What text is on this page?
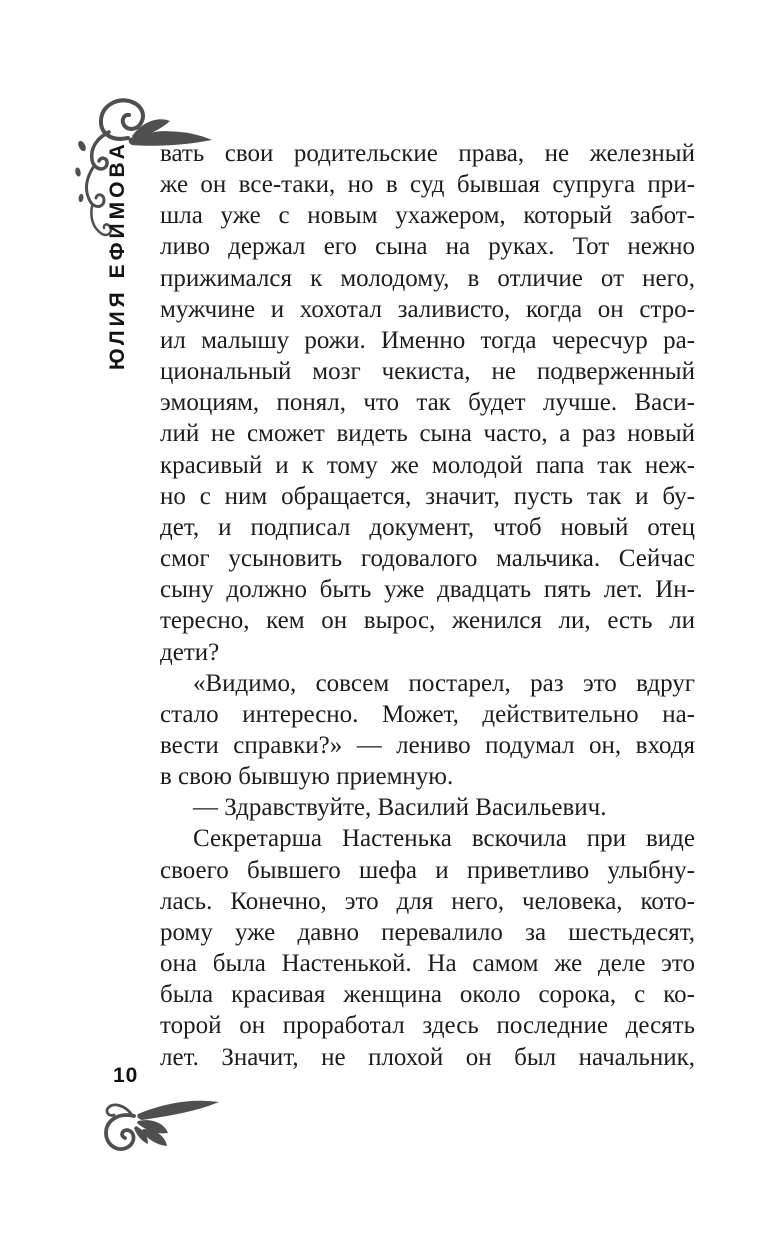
ЮЛИЯ ЕФИМОВА вать свои родительские права, не железный
же он все-таки, но в суд бывшая супруга при-
шла уже с новым ухажером, который забот-
ливо держал его сына на руках. Тот нежно
прижимался к молодому, в отличие от него,
мужчине и хохотал заливисто, когда он стро-
ил малышу рожи. Именно тогда чересчур ра-
циональный мозг чекиста, не подверженный
эмоциям, понял, что так будет лучше. Васи-
лий не сможет видеть сына часто, а раз новый
красивый и к тому же молодой папа так неж-
но с ним обращается, значит, пусть так и бу-
дет, и подписал документ, чтоб новый отец
смог усыновить годовалого мальчика. Сейчас
сыну должно быть уже двадцать пять лет. Ин-
тересно, кем он вырос, женился ли, есть ли
дети?
«Видимо, совсем постарел, раз это вдруг
стало интересно. Может, действительно на-
вести справки?» — лениво подумал он, входя
в свою бывшую приемную.
— Здравствуйте, Василий Васильевич.
Секретарша Настенька вскочила при виде
своего бывшего шефа и приветливо улыбну-
лась. Конечно, это для него, человека, кото-
рому уже давно перевалило за шестьдесят,
она была Настенькой. На самом же деле это
была красивая женщина около сорока, с ко-
торой он проработал здесь последние десять
лет. Значит, не плохой он был начальник,
10
